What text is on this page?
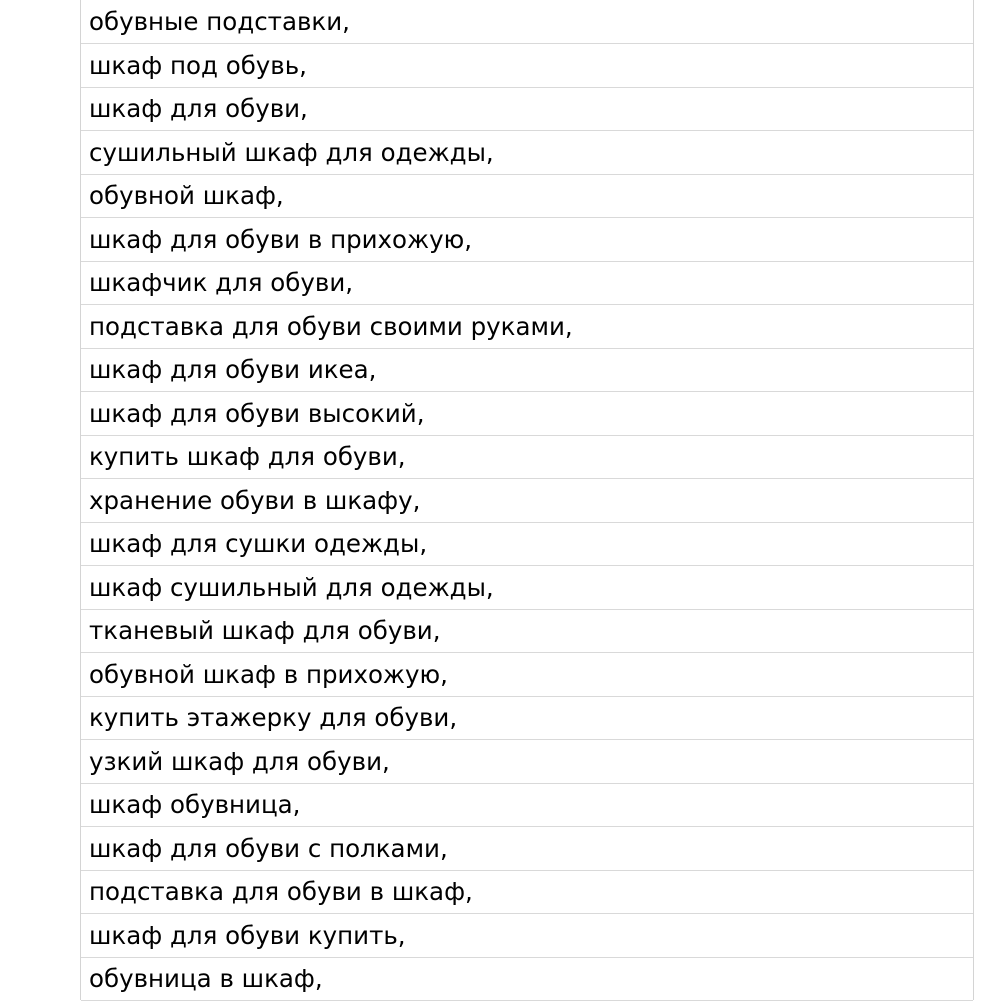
обувные подставки,
шкаф под обувь,
шкаф для обуви,
сушильный шкаф для одежды,
обувной шкаф,
шкаф для обуви в прихожую,
шкафчик для обуви,
подставка для обуви своими руками,
шкаф для обуви икеа,
шкаф для обуви высокий,
купить шкаф для обуви,
хранение обуви в шкафу,
шкаф для сушки одежды,
шкаф сушильный для одежды,
тканевый шкаф для обуви,
обувной шкаф в прихожую,
купить этажерку для обуви,
узкий шкаф для обуви,
шкаф обувница,
шкаф для обуви с полками,
подставка для обуви в шкаф,
шкаф для обуви купить,
обувница в шкаф,
